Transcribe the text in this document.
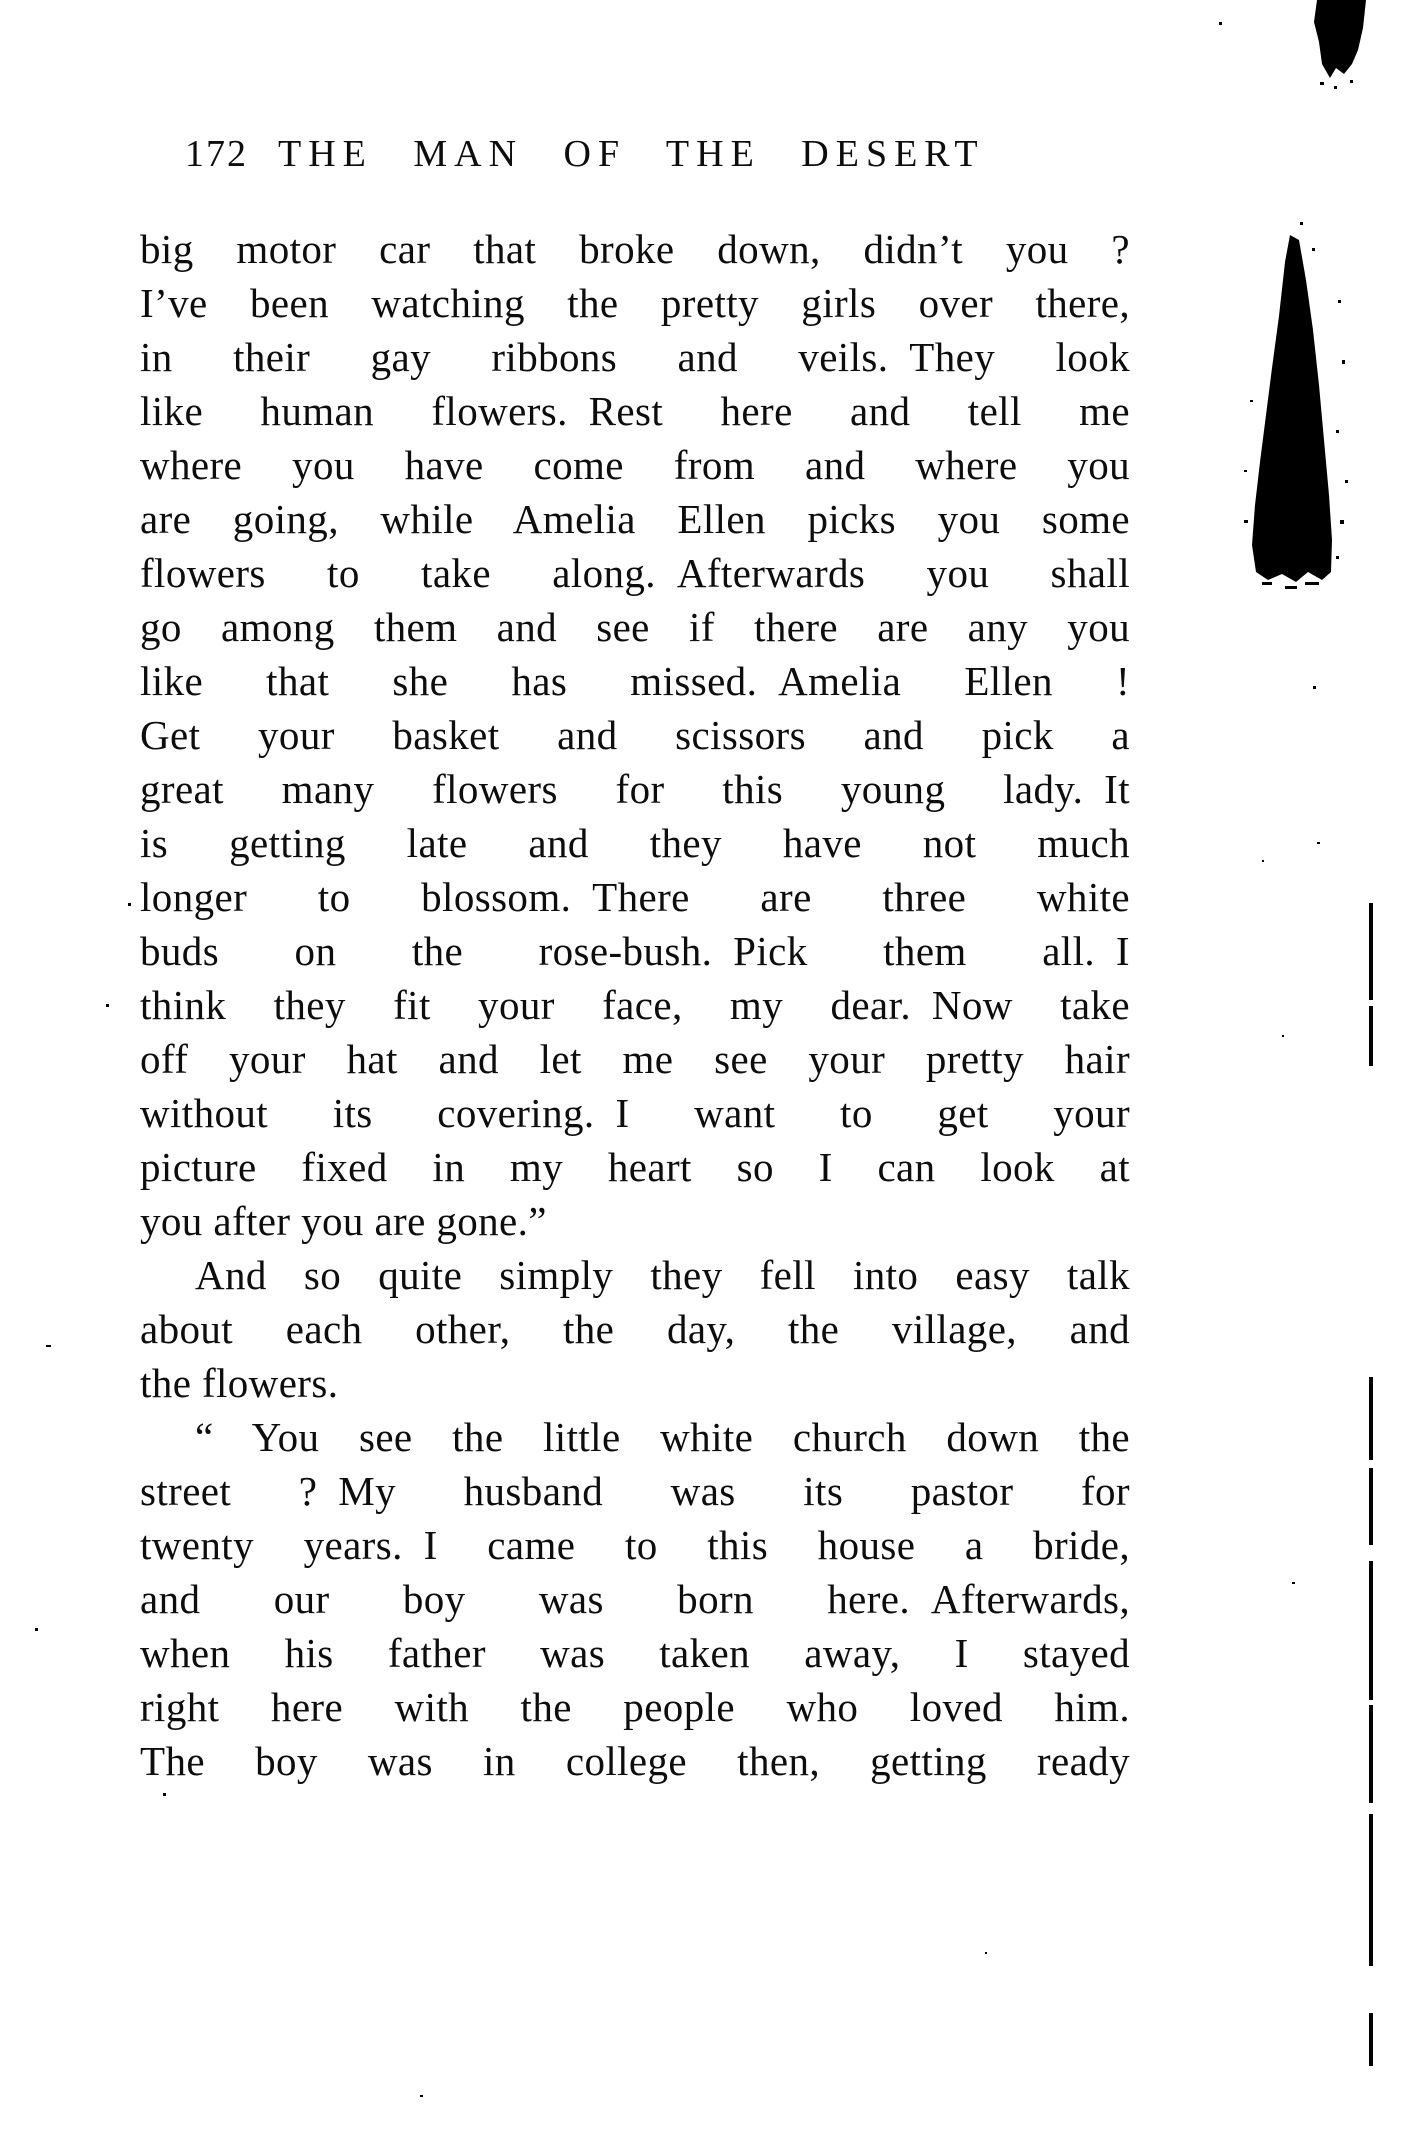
172 THE MAN OF THE DESERT
big motor car that broke down, didn’t you ?
I’ve been watching the pretty girls over there,
in their gay ribbons and veils. They look
like human flowers. Rest here and tell me
where you have come from and where you
are going, while Amelia Ellen picks you some
flowers to take along. Afterwards you shall
go among them and see if there are any you
like that she has missed. Amelia Ellen !
Get your basket and scissors and pick a
great many flowers for this young lady. It
is getting late and they have not much
longer to blossom. There are three white
buds on the rose-bush. Pick them all. I
think they fit your face, my dear. Now take
off your hat and let me see your pretty hair
without its covering. I want to get your
picture fixed in my heart so I can look at
you after you are gone.”
And so quite simply they fell into easy talk
about each other, the day, the village, and
the flowers.
“ You see the little white church down the
street ? My husband was its pastor for
twenty years. I came to this house a bride,
and our boy was born here. Afterwards,
when his father was taken away, I stayed
right here with the people who loved him.
The boy was in college then, getting ready
